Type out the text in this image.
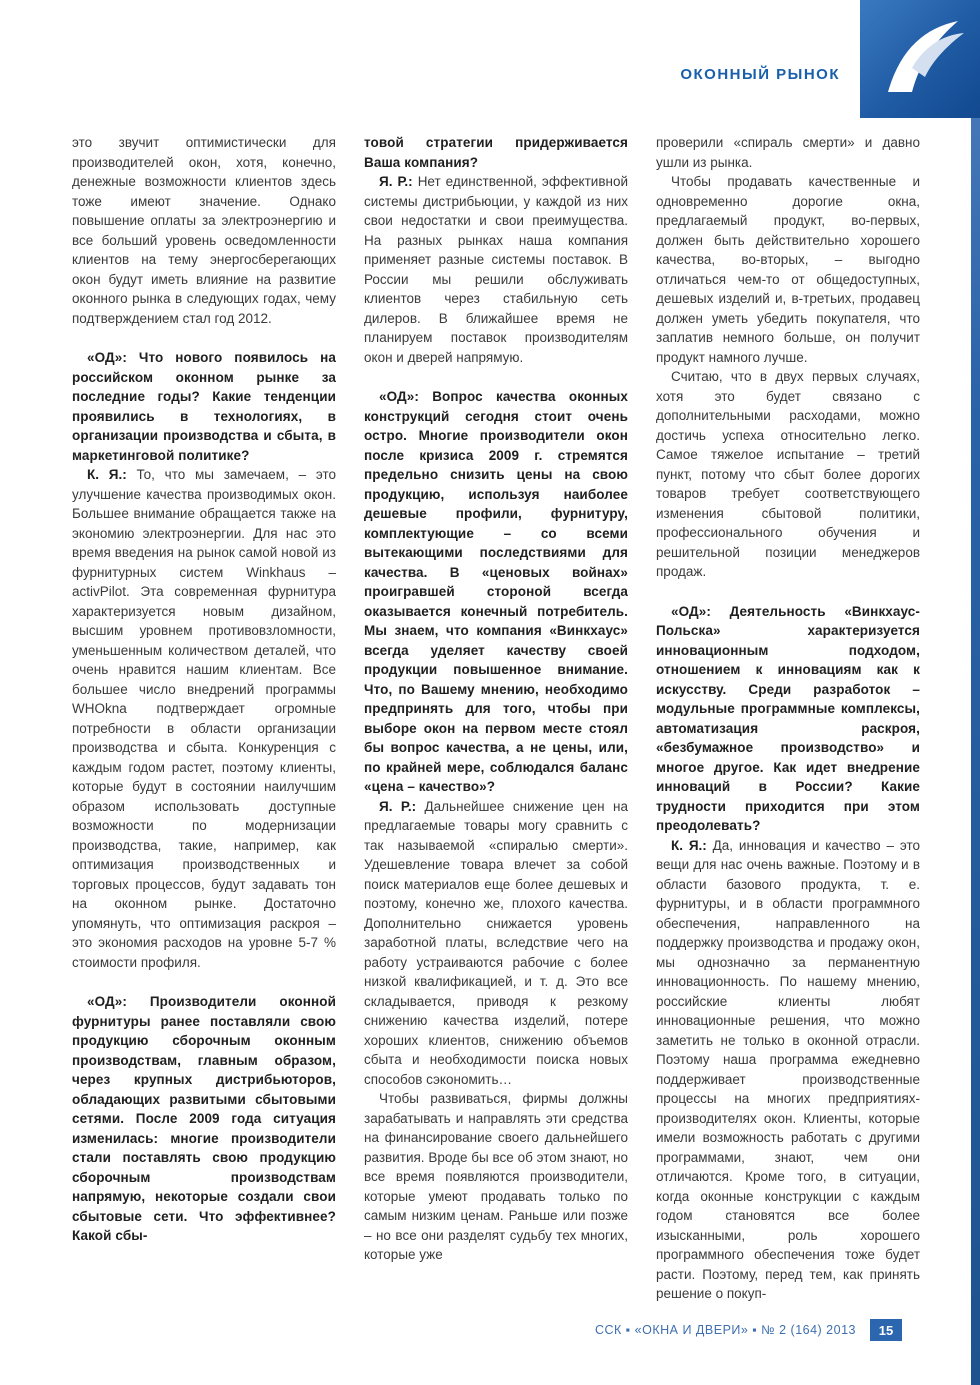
ОКОННЫЙ РЫНОК

это звучит оптимистически для производителей окон, хотя, конечно, денежные возможности клиентов здесь тоже имеют значение. Однако повышение оплаты за электроэнергию и все больший уровень осведомленности клиентов на тему энергосберегающих окон будут иметь влияние на развитие оконного рынка в следующих годах, чему подтверждением стал год 2012.

«ОД»: Что нового появилось на российском оконном рынке за последние годы? Какие тенденции проявились в технологиях, в организации производства и сбыта, в маркетинговой политике?

К. Я.: То, что мы замечаем, – это улучшение качества производимых окон. Большее внимание обращается также на экономию электроэнергии. Для нас это время введения на рынок самой новой из фурнитурных систем Winkhaus – activPilot. Эта современная фурнитура характеризуется новым дизайном, высшим уровнем противовзломности, уменьшенным количеством деталей, что очень нравится нашим клиентам. Все большее число внедрений программы WHOkna подтверждает огромные потребности в области организации производства и сбыта. Конкуренция с каждым годом растет, поэтому клиенты, которые будут в состоянии наилучшим образом использовать доступные возможности по модернизации производства, такие, например, как оптимизация производственных и торговых процессов, будут задавать тон на оконном рынке. Достаточно упомянуть, что оптимизация раскроя – это экономия расходов на уровне 5-7 % стоимости профиля.

«ОД»: Производители оконной фурнитуры ранее поставляли свою продукцию сборочным оконным производствам, главным образом, через крупных дистрибьюторов, обладающих развитыми сбытовыми сетями. После 2009 года ситуация изменилась: многие производители стали поставлять свою продукцию сборочным производствам напрямую, некоторые создали свои сбытовые сети. Что эффективнее? Какой сбы-

товой стратегии придерживается Ваша компания?

Я. Р.: Нет единственной, эффективной системы дистрибьюции, у каждой из них свои недостатки и свои преимущества. На разных рынках наша компания применяет разные системы поставок. В России мы решили обслуживать клиентов через стабильную сеть дилеров. В ближайшее время не планируем поставок производителям окон и дверей напрямую.

«ОД»: Вопрос качества оконных конструкций сегодня стоит очень остро. Многие производители окон после кризиса 2009 г. стремятся предельно снизить цены на свою продукцию, используя наиболее дешевые профили, фурнитуру, комплектующие – со всеми вытекающими последствиями для качества. В «ценовых войнах» проигравшей стороной всегда оказывается конечный потребитель. Мы знаем, что компания «Винкхаус» всегда уделяет качеству своей продукции повышенное внимание. Что, по Вашему мнению, необходимо предпринять для того, чтобы при выборе окон на первом месте стоял бы вопрос качества, а не цены, или, по крайней мере, соблюдался баланс «цена – качество»?

Я. Р.: Дальнейшее снижение цен на предлагаемые товары могу сравнить с так называемой «спиралью смерти». Удешевление товара влечет за собой поиск материалов еще более дешевых и поэтому, конечно же, плохого качества. Дополнительно снижается уровень заработной платы, вследствие чего на работу устраиваются рабочие с более низкой квалификацией, и т. д. Это все складывается, приводя к резкому снижению качества изделий, потере хороших клиентов, снижению объемов сбыта и необходимости поиска новых способов сэкономить…

Чтобы развиваться, фирмы должны зарабатывать и направлять эти средства на финансирование своего дальнейшего развития. Вроде бы все об этом знают, но все время появляются производители, которые умеют продавать только по самым низким ценам. Раньше или позже – но все они разделят судьбу тех многих, которые уже

проверили «спираль смерти» и давно ушли из рынка.

Чтобы продавать качественные и одновременно дорогие окна, предлагаемый продукт, во-первых, должен быть действительно хорошего качества, во-вторых, – выгодно отличаться чем-то от общедоступных, дешевых изделий и, в-третьих, продавец должен уметь убедить покупателя, что заплатив немного больше, он получит продукт намного лучше.

Считаю, что в двух первых случаях, хотя это будет связано с дополнительными расходами, можно достичь успеха относительно легко. Самое тяжелое испытание – третий пункт, потому что сбыт более дорогих товаров требует соответствующего изменения сбытовой политики, профессионального обучения и решительной позиции менеджеров продаж.

«ОД»: Деятельность «Винкхаус-Польска» характеризуется инновационным подходом, отношением к инновациям как к искусству. Среди разработок – модульные программные комплексы, автоматизация раскроя, «безбумажное производство» и многое другое. Как идет внедрение инноваций в России? Какие трудности приходится при этом преодолевать?

К. Я.: Да, инновация и качество – это вещи для нас очень важные. Поэтому и в области базового продукта, т. е. фурнитуры, и в области программного обеспечения, направленного на поддержку производства и продажу окон, мы однозначно за перманентную инновационность. По нашему мнению, российские клиенты любят инновационные решения, что можно заметить не только в оконной отрасли. Поэтому наша программа ежедневно поддерживает производственные процессы на многих предприятиях-производителях окон. Клиенты, которые имели возможность работать с другими программами, знают, чем они отличаются. Кроме того, в ситуации, когда оконные конструкции с каждым годом становятся все более изысканными, роль хорошего программного обеспечения тоже будет расти. Поэтому, перед тем, как принять решение о покуп-

ССК ▪ «ОКНА И ДВЕРИ» ▪ № 2 (164) 2013	15
